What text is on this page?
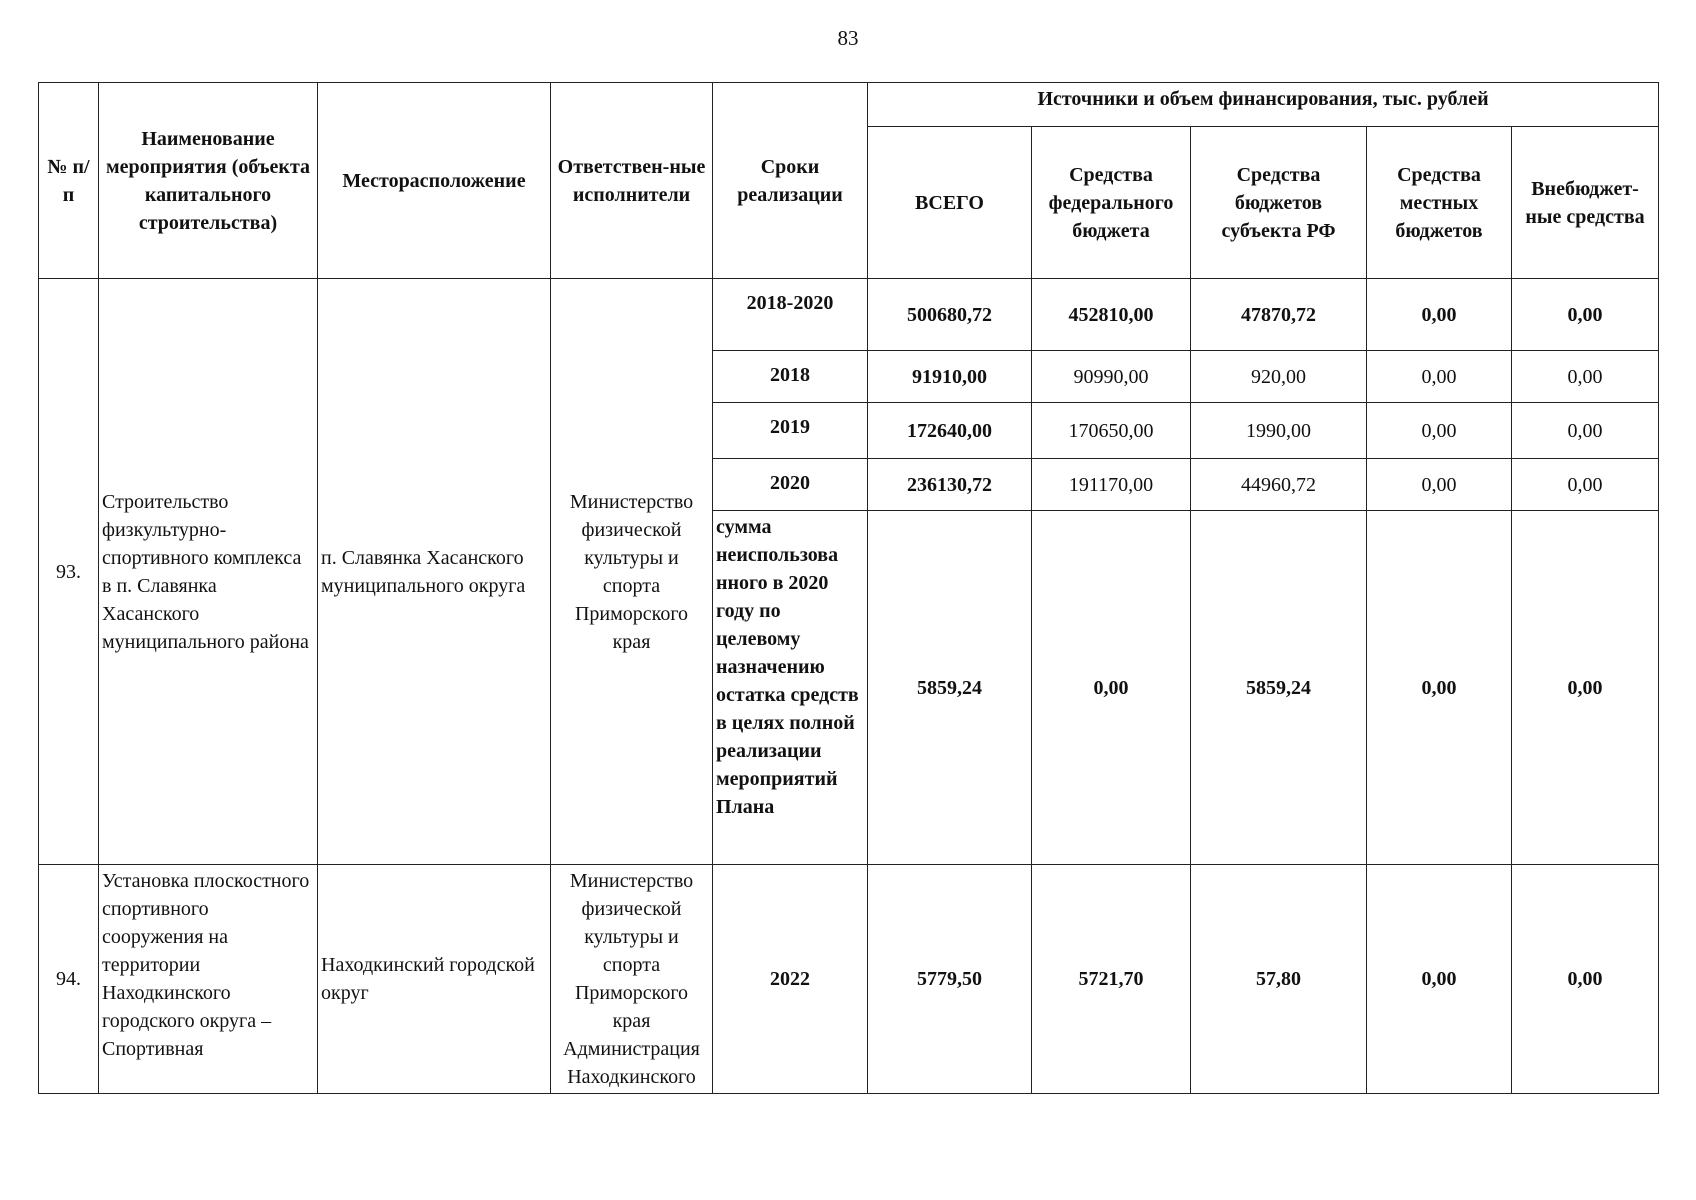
83
№ п/п	Наименование мероприятия (объекта капитального строительства)	Месторасположение	Ответствен-ные исполнители	Сроки реализации	Источники и объем финансирования, тыс. рублей				
					ВСЕГО	Средства федерального бюджета	Средства бюджетов субъекта РФ	Средства местных бюджетов	Внебюджет-ные средства
93.	Строительство физкультурно-спортивного комплекса в п. Славянка Хасанского муниципального района	п. Славянка Хасанского муниципального округа	Министерство физической культуры и спорта Приморского края	2018-2020	500680,72	452810,00	47870,72	0,00	0,00
				2018	91910,00	90990,00	920,00	0,00	0,00
				2019	172640,00	170650,00	1990,00	0,00	0,00
				2020	236130,72	191170,00	44960,72	0,00	0,00
				сумма неиспользова нного в 2020 году по целевому назначению остатка средств в целях полной реализации мероприятий Плана	5859,24	0,00	5859,24	0,00	0,00
94.	Установка плоскостного спортивного сооружения на территории Находкинского городского округа – Спортивная	Находкинский городской округ	Министерство физической культуры и спорта Приморского края Администрация Находкинского	2022	5779,50	5721,70	57,80	0,00	0,00
